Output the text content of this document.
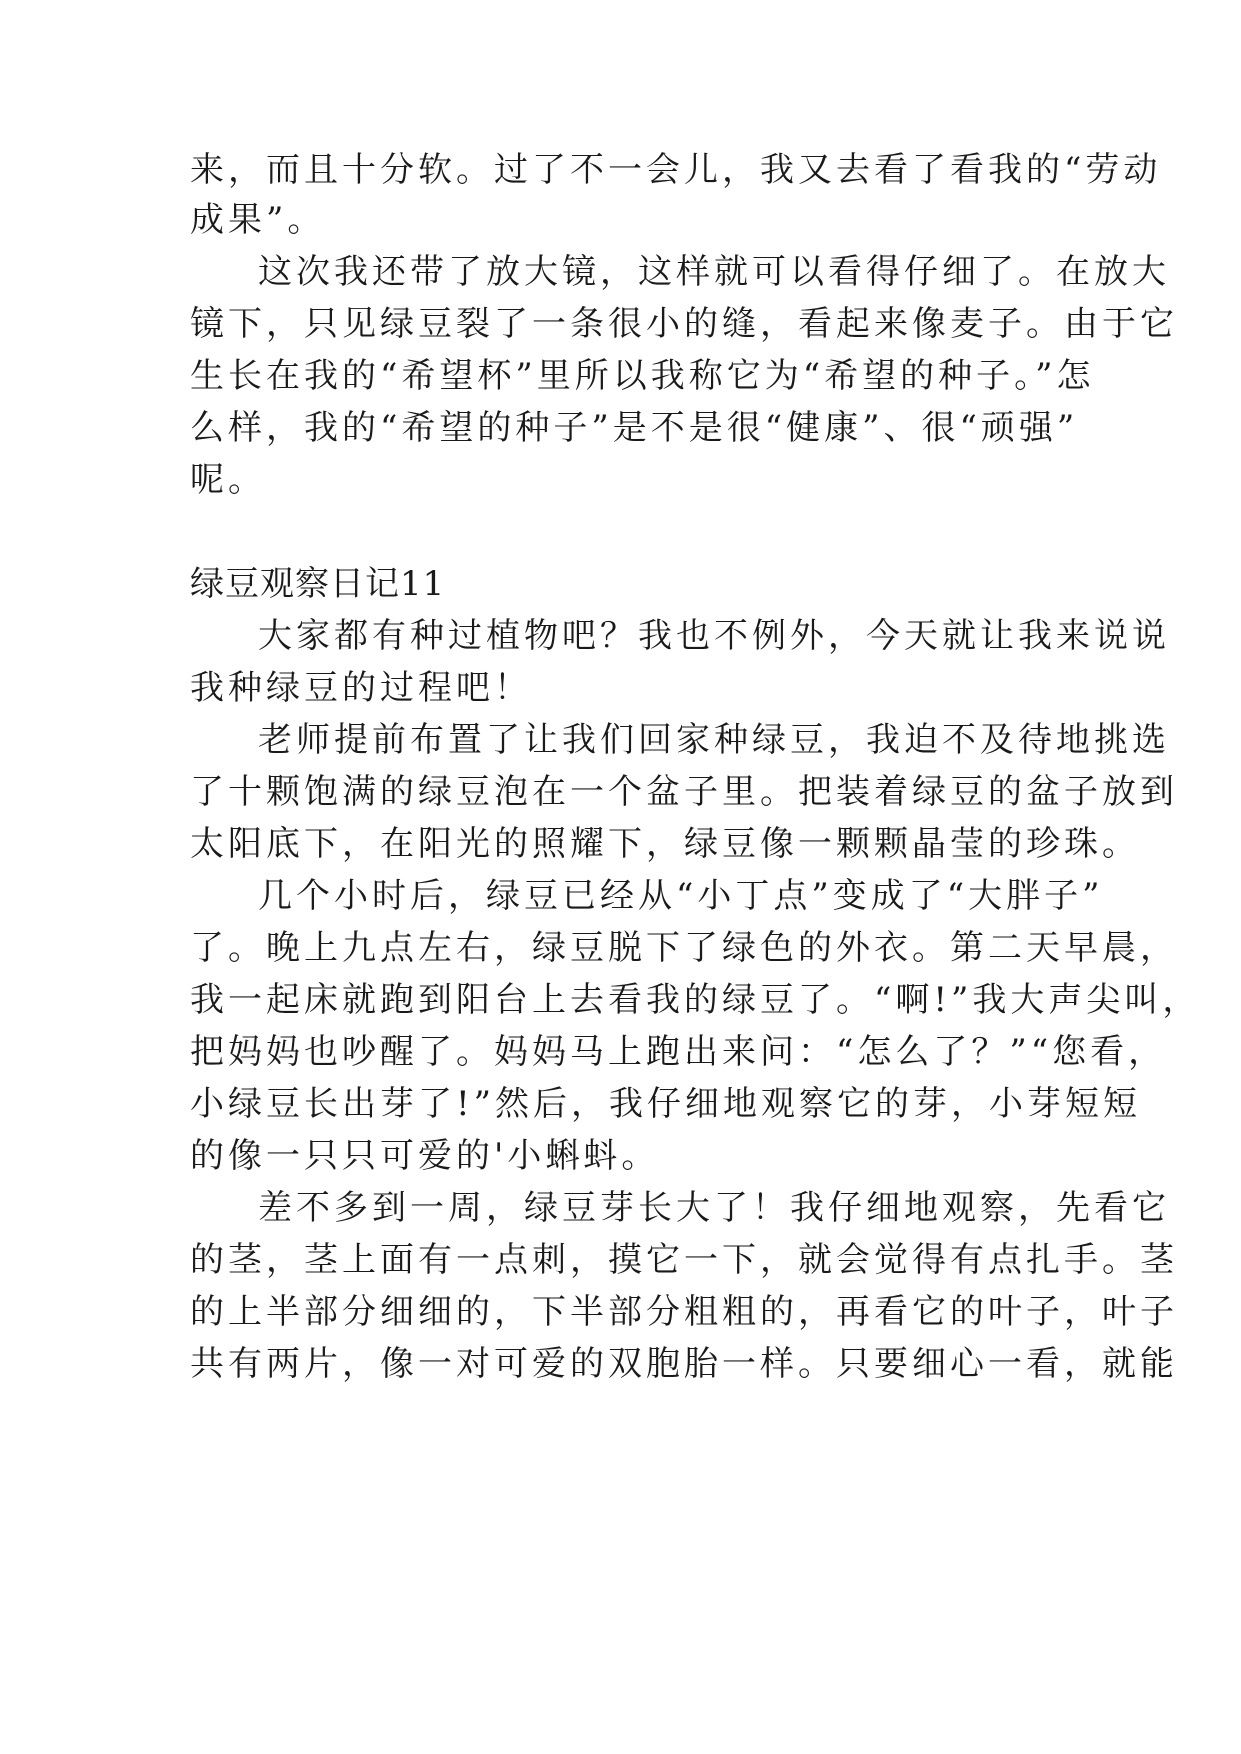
来，而且十分软。过了不一会儿，我又去看了看我的“劳动
成果”。
这次我还带了放大镜，这样就可以看得仔细了。在放大
镜下，只见绿豆裂了一条很小的缝，看起来像麦子。由于它
生长在我的“希望杯”里所以我称它为“希望的种子。”怎
么样，我的“希望的种子”是不是很“健康”、很“顽强”
呢。
绿豆观察日记11
大家都有种过植物吧？我也不例外，今天就让我来说说
我种绿豆的过程吧！
老师提前布置了让我们回家种绿豆，我迫不及待地挑选
了十颗饱满的绿豆泡在一个盆子里。把装着绿豆的盆子放到
太阳底下，在阳光的照耀下，绿豆像一颗颗晶莹的珍珠。
几个小时后，绿豆已经从“小丁点”变成了“大胖子”
了。晚上九点左右，绿豆脱下了绿色的外衣。第二天早晨，
我一起床就跑到阳台上去看我的绿豆了。“啊!”我大声尖叫，
把妈妈也吵醒了。妈妈马上跑出来问：“怎么了？”“您看，
小绿豆长出芽了!”然后，我仔细地观察它的芽，小芽短短
的像一只只可爱的'小蝌蚪。
差不多到一周，绿豆芽长大了！我仔细地观察，先看它
的茎，茎上面有一点刺，摸它一下，就会觉得有点扎手。茎
的上半部分细细的，下半部分粗粗的，再看它的叶子，叶子
共有两片，像一对可爱的双胞胎一样。只要细心一看，就能
